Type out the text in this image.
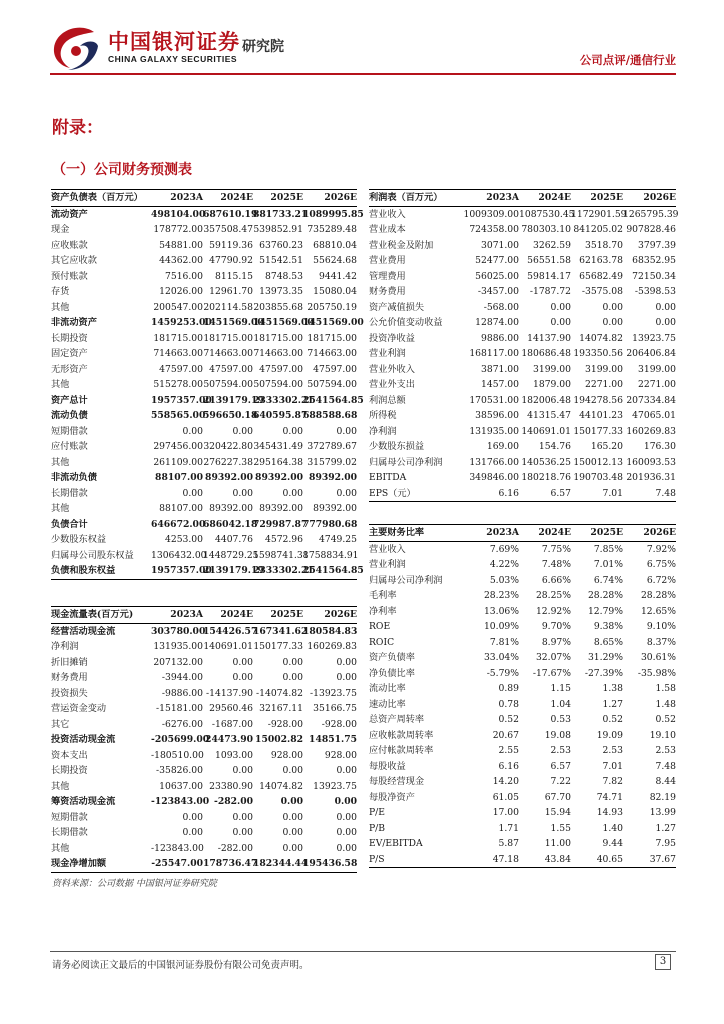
中国银河证券
CHINA GALAXY SECURITIES
研究院
公司点评/通信行业
附录：
（一）公司财务预测表
资产负债表（百万元）	2023A	2024E	2025E	2026E
流动资产	498104.00	687610.19	881733.21	1089995.85
现金	178772.00	357508.47	539852.91	735289.48
应收账款	54881.00	59119.36	63760.23	68810.04
其它应收款	44362.00	47790.92	51542.51	55624.68
预付账款	7516.00	8115.15	8748.53	9441.42
存货	12026.00	12961.70	13973.35	15080.04
其他	200547.00	202114.58	203855.68	205750.19
非流动资产	1459253.00	1451569.00	1451569.00	1451569.00
长期投资	181715.00	181715.00	181715.00	181715.00
固定资产	714663.00	714663.00	714663.00	714663.00
无形资产	47597.00	47597.00	47597.00	47597.00
其他	515278.00	507594.00	507594.00	507594.00
资产总计	1957357.00	2139179.19	2333302.21	2541564.85
流动负债	558565.00	596650.18	640595.87	688588.68
短期借款	0.00	0.00	0.00	0.00
应付账款	297456.00	320422.80	345431.49	372789.67
其他	261109.00	276227.38	295164.38	315799.02
非流动负债	88107.00	89392.00	89392.00	89392.00
长期借款	0.00	0.00	0.00	0.00
其他	88107.00	89392.00	89392.00	89392.00
负债合计	646672.00	686042.18	729987.87	777980.68
少数股东权益	4253.00	4407.76	4572.96	4749.25
归属母公司股东权益	1306432.00	1448729.25	1598741.38	1758834.91
负债和股东权益	1957357.00	2139179.19	2333302.21	2541564.85
利润表（百万元）	2023A	2024E	2025E	2026E
营业收入	1009309.00	1087530.45	1172901.59	1265795.39
营业成本	724358.00	780303.10	841205.02	907828.46
营业税金及附加	3071.00	3262.59	3518.70	3797.39
营业费用	52477.00	56551.58	62163.78	68352.95
管理费用	56025.00	59814.17	65682.49	72150.34
财务费用	-3457.00	-1787.72	-3575.08	-5398.53
资产减值损失	-568.00	0.00	0.00	0.00
公允价值变动收益	12874.00	0.00	0.00	0.00
投资净收益	9886.00	14137.90	14074.82	13923.75
营业利润	168117.00	180686.48	193350.56	206406.84
营业外收入	3871.00	3199.00	3199.00	3199.00
营业外支出	1457.00	1879.00	2271.00	2271.00
利润总额	170531.00	182006.48	194278.56	207334.84
所得税	38596.00	41315.47	44101.23	47065.01
净利润	131935.00	140691.01	150177.33	160269.83
少数股东损益	169.00	154.76	165.20	176.30
归属母公司净利润	131766.00	140536.25	150012.13	160093.53
EBITDA	349846.00	180218.76	190703.48	201936.31
EPS（元）	6.16	6.57	7.01	7.48
主要财务比率	2023A	2024E	2025E	2026E
营业收入	7.69%	7.75%	7.85%	7.92%
营业利润	4.22%	7.48%	7.01%	6.75%
归属母公司净利润	5.03%	6.66%	6.74%	6.72%
毛利率	28.23%	28.25%	28.28%	28.28%
净利率	13.06%	12.92%	12.79%	12.65%
ROE	10.09%	9.70%	9.38%	9.10%
ROIC	7.81%	8.97%	8.65%	8.37%
资产负债率	33.04%	32.07%	31.29%	30.61%
净负债比率	-5.79%	-17.67%	-27.39%	-35.98%
流动比率	0.89	1.15	1.38	1.58
速动比率	0.78	1.04	1.27	1.48
总资产周转率	0.52	0.53	0.52	0.52
应收帐款周转率	20.67	19.08	19.09	19.10
应付帐款周转率	2.55	2.53	2.53	2.53
每股收益	6.16	6.57	7.01	7.48
每股经营现金	14.20	7.22	7.82	8.44
每股净资产	61.05	67.70	74.71	82.19
P/E	17.00	15.94	14.93	13.99
P/B	1.71	1.55	1.40	1.27
EV/EBITDA	5.87	11.00	9.44	7.95
P/S	47.18	43.84	40.65	37.67
现金流量表(百万元)	2023A	2024E	2025E	2026E
经营活动现金流	303780.00	154426.57	167341.62	180584.83
净利润	131935.00	140691.01	150177.33	160269.83
折旧摊销	207132.00	0.00	0.00	0.00
财务费用	-3944.00	0.00	0.00	0.00
投资损失	-9886.00	-14137.90	-14074.82	-13923.75
营运资金变动	-15181.00	29560.46	32167.11	35166.75
其它	-6276.00	-1687.00	-928.00	-928.00
投资活动现金流	-205699.00	24473.90	15002.82	14851.75
资本支出	-180510.00	1093.00	928.00	928.00
长期投资	-35826.00	0.00	0.00	0.00
其他	10637.00	23380.90	14074.82	13923.75
筹资活动现金流	-123843.00	-282.00	0.00	0.00
短期借款	0.00	0.00	0.00	0.00
长期借款	0.00	0.00	0.00	0.00
其他	-123843.00	-282.00	0.00	0.00
现金净增加额	-25547.00	178736.47	182344.44	195436.58
资料来源：公司数据 中国银河证券研究院
请务必阅读正文最后的中国银河证券股份有限公司免责声明。	3
